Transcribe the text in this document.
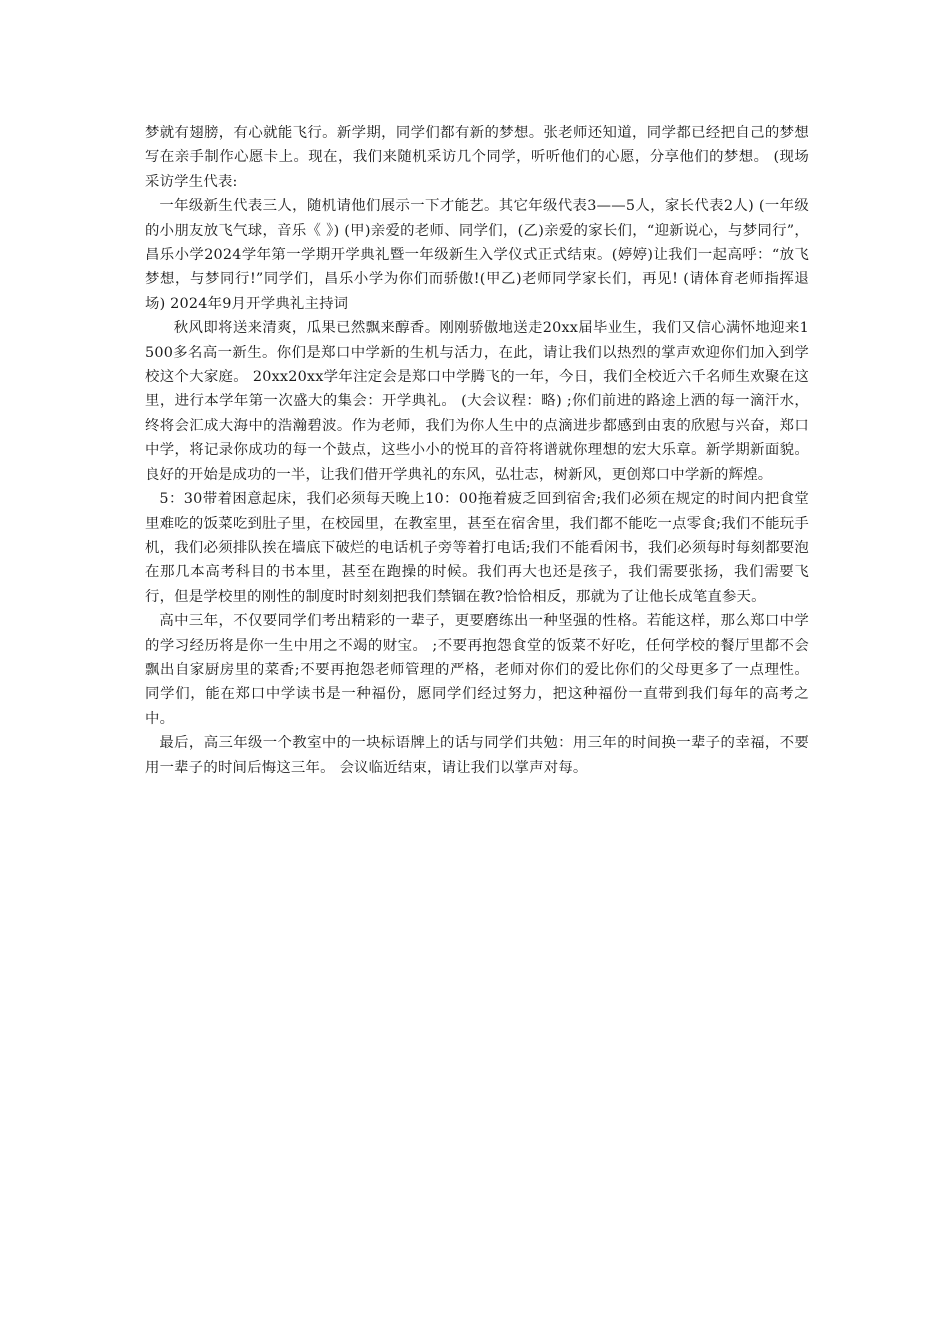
梦就有翅膀，有心就能飞行。新学期，同学们都有新的梦想。张老师还知道，同学都已经把自己的梦想写在亲手制作心愿卡上。现在，我们来随机采访几个同学，听听他们的心愿，分享他们的梦想。 (现场采访学生代表:

一年级新生代表三人，随机请他们展示一下才能艺。其它年级代表3——5人，家长代表2人) (一年级的小朋友放飞气球，音乐《 》) (甲)亲爱的老师、同学们，(乙)亲爱的家长们，“迎新说心，与梦同行”，昌乐小学2024学年第一学期开学典礼暨一年级新生入学仪式正式结束。(婷婷)让我们一起高呼：“放飞梦想，与梦同行!”同学们，昌乐小学为你们而骄傲!(甲乙)老师同学家长们，再见! (请体育老师指挥退场) 2024年9月开学典礼主持词

秋风即将送来清爽，瓜果已然飘来醇香。刚刚骄傲地送走20xx届毕业生，我们又信心满怀地迎来1500多名高一新生。你们是郑口中学新的生机与活力，在此，请让我们以热烈的掌声欢迎你们加入到学校这个大家庭。 20xx20xx学年注定会是郑口中学腾飞的一年，今日，我们全校近六千名师生欢聚在这里，进行本学年第一次盛大的集会：开学典礼。 (大会议程：略) ;你们前进的路途上洒的每一滴汗水，终将会汇成大海中的浩瀚碧波。作为老师，我们为你人生中的点滴进步都感到由衷的欣慰与兴奋，郑口中学，将记录你成功的每一个鼓点，这些小小的悦耳的音符将谱就你理想的宏大乐章。新学期新面貌。良好的开始是成功的一半，让我们借开学典礼的东风，弘壮志，树新风，更创郑口中学新的辉煌。

5：30带着困意起床，我们必须每天晚上10：00拖着疲乏回到宿舍;我们必须在规定的时间内把食堂里难吃的饭菜吃到肚子里，在校园里，在教室里，甚至在宿舍里，我们都不能吃一点零食;我们不能玩手机，我们必须排队挨在墙底下破烂的电话机子旁等着打电话;我们不能看闲书，我们必须每时每刻都要泡在那几本高考科目的书本里，甚至在跑操的时候。我们再大也还是孩子，我们需要张扬，我们需要飞行，但是学校里的刚性的制度时时刻刻把我们禁锢在教?恰恰相反，那就为了让他长成笔直参天。

高中三年，不仅要同学们考出精彩的一辈子，更要磨练出一种坚强的性格。若能这样，那么郑口中学的学习经历将是你一生中用之不竭的财宝。 ;不要再抱怨食堂的饭菜不好吃，任何学校的餐厅里都不会飘出自家厨房里的菜香;不要再抱怨老师管理的严格，老师对你们的爱比你们的父母更多了一点理性。 同学们，能在郑口中学读书是一种福份，愿同学们经过努力，把这种福份一直带到我们每年的高考之中。

最后，高三年级一个教室中的一块标语牌上的话与同学们共勉：用三年的时间换一辈子的幸福，不要用一辈子的时间后悔这三年。 会议临近结束，请让我们以掌声对每。
